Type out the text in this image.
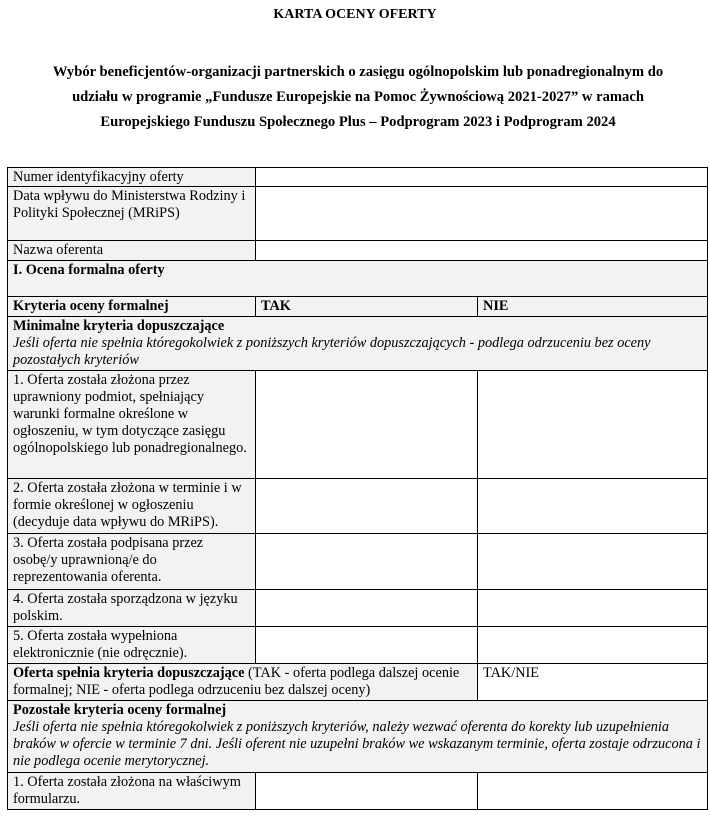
KARTA OCENY OFERTY
Wybór beneficjentów-organizacji partnerskich o zasięgu ogólnopolskim lub ponadregionalnym do
udziału w programie „Fundusze Europejskie na Pomoc Żywnościową 2021-2027” w ramach
Europejskiego Funduszu Społecznego Plus – Podprogram 2023 i Podprogram 2024
Numer identyfikacyjny oferty		
Data wpływu do Ministerstwa Rodziny i Polityki Społecznej (MRiPS)		
Nazwa oferenta		
I. Ocena formalna oferty		
Kryteria oceny formalnej	TAK	NIE

Minimalne kryteria dopuszczające
Jeśli oferta nie spełnia któregokolwiek z poniższych kryteriów dopuszczających - podlega odrzuceniu bez oceny pozostałych kryteriów		

1. Oferta została złożona przez uprawniony podmiot, spełniający warunki formalne określone w ogłoszeniu, w tym dotyczące zasięgu ogólnopolskiego lub ponadregionalnego.		
2. Oferta została złożona w terminie i w formie określonej w ogłoszeniu (decyduje data wpływu do MRiPS).		
3. Oferta została podpisana przez osobę/y uprawnioną/e do reprezentowania oferenta.		
4. Oferta została sporządzona w języku polskim.		
5. Oferta została wypełniona elektronicznie (nie odręcznie).		
Oferta spełnia kryteria dopuszczające (TAK - oferta podlega dalszej ocenie formalnej; NIE - oferta podlega odrzuceniu bez dalszej oceny)		TAK/NIE

Pozostałe kryteria oceny formalnej
Jeśli oferta nie spełnia któregokolwiek z poniższych kryteriów, należy wezwać oferenta do korekty lub uzupełnienia braków w ofercie w terminie 7 dni. Jeśli oferent nie uzupełni braków we wskazanym terminie, oferta zostaje odrzucona i nie podlega ocenie merytorycznej.		

1. Oferta została złożona na właściwym formularzu.		
